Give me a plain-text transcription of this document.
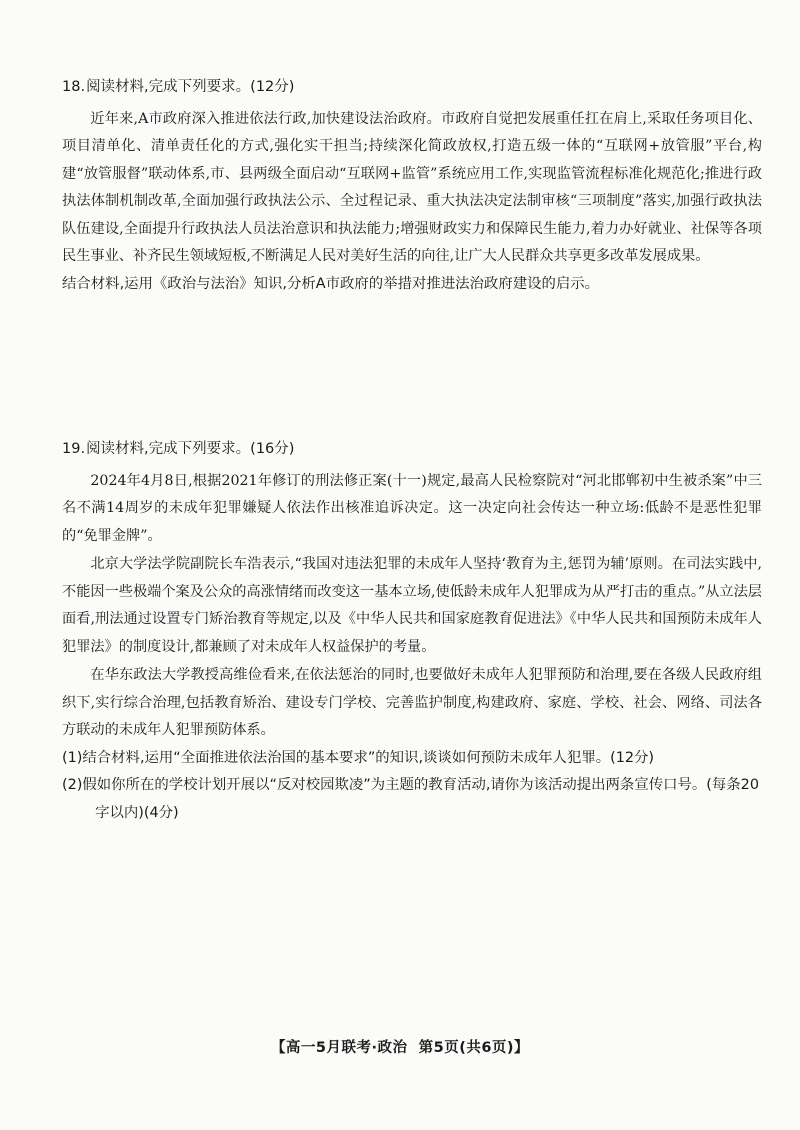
18.阅读材料,完成下列要求。(12分)

近年来,A市政府深入推进依法行政,加快建设法治政府。市政府自觉把发展重任扛在肩上,采取任务项目化、项目清单化、清单责任化的方式,强化实干担当;持续深化简政放权,打造五级一体的“互联网+放管服”平台,构建“放管服督”联动体系,市、县两级全面启动“互联网+监管”系统应用工作,实现监管流程标准化规范化;推进行政执法体制机制改革,全面加强行政执法公示、全过程记录、重大执法决定法制审核“三项制度”落实,加强行政执法队伍建设,全面提升行政执法人员法治意识和执法能力;增强财政实力和保障民生能力,着力办好就业、社保等各项民生事业、补齐民生领域短板,不断满足人民对美好生活的向往,让广大人民群众共享更多改革发展成果。

结合材料,运用《政治与法治》知识,分析A市政府的举措对推进法治政府建设的启示。

19.阅读材料,完成下列要求。(16分)

2024年4月8日,根据2021年修订的刑法修正案(十一)规定,最高人民检察院对“河北邯郸初中生被杀案”中三名不满14周岁的未成年犯罪嫌疑人依法作出核准追诉决定。这一决定向社会传达一种立场:低龄不是恶性犯罪的“免罪金牌”。

北京大学法学院副院长车浩表示,“我国对违法犯罪的未成年人坚持‘教育为主,惩罚为辅’原则。在司法实践中,不能因一些极端个案及公众的高涨情绪而改变这一基本立场,使低龄未成年人犯罪成为从严打击的重点。”从立法层面看,刑法通过设置专门矫治教育等规定,以及《中华人民共和国家庭教育促进法》《中华人民共和国预防未成年人犯罪法》的制度设计,都兼顾了对未成年人权益保护的考量。

在华东政法大学教授高维俭看来,在依法惩治的同时,也要做好未成年人犯罪预防和治理,要在各级人民政府组织下,实行综合治理,包括教育矫治、建设专门学校、完善监护制度,构建政府、家庭、学校、社会、网络、司法各方联动的未成年人犯罪预防体系。

(1)结合材料,运用“全面推进依法治国的基本要求”的知识,谈谈如何预防未成年人犯罪。(12分)

(2)假如你所在的学校计划开展以“反对校园欺凌”为主题的教育活动,请你为该活动提出两条宣传口号。(每条20字以内)(4分)

【高一5月联考·政治  第5页(共6页)】
